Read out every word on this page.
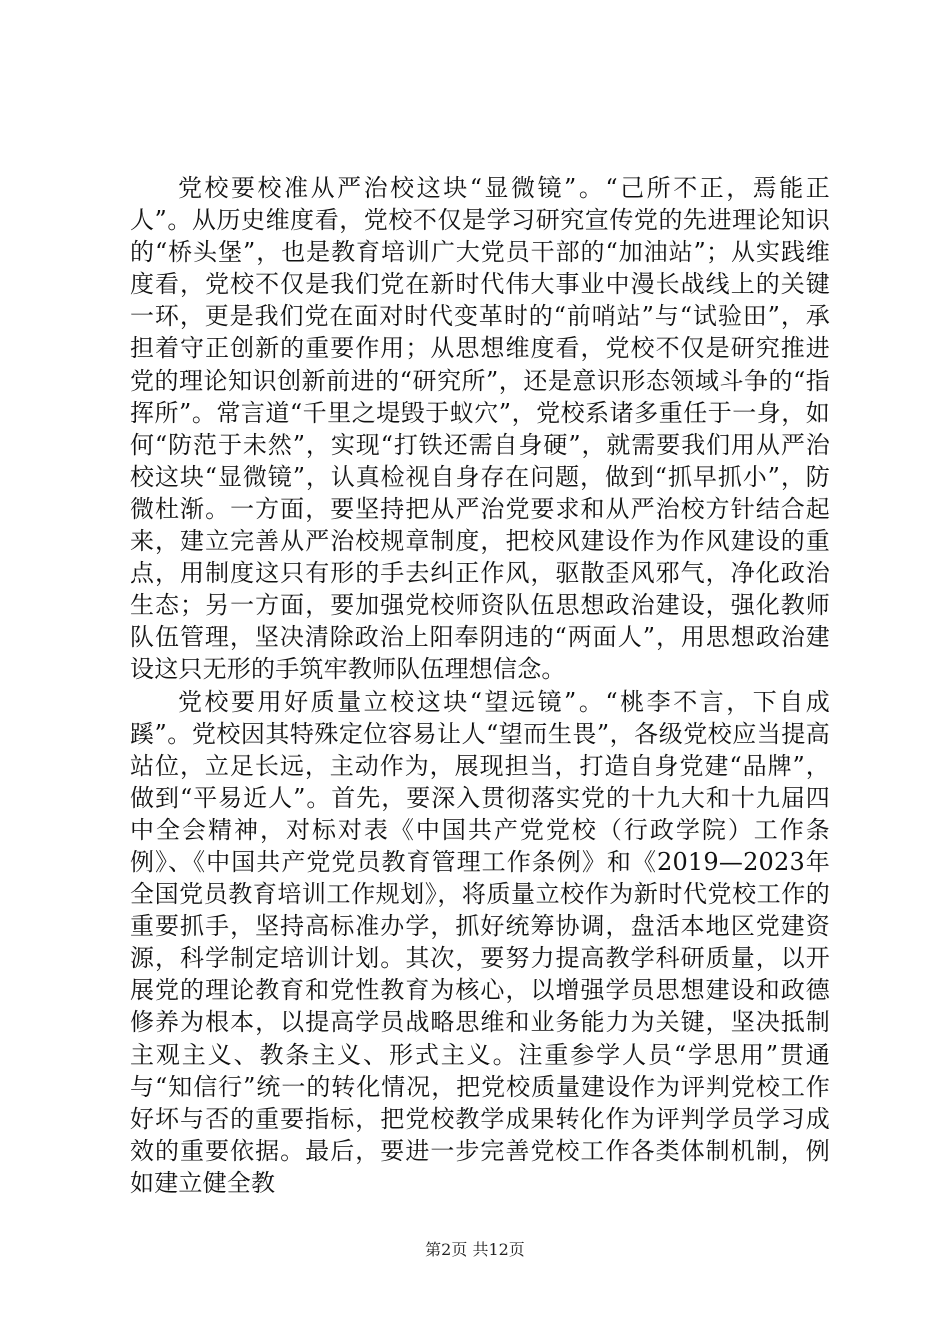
党校要校准从严治校这块“显微镜”。“己所不正，焉能正人”。从历史维度看，党校不仅是学习研究宣传党的先进理论知识的“桥头堡”，也是教育培训广大党员干部的“加油站”；从实践维度看，党校不仅是我们党在新时代伟大事业中漫长战线上的关键一环，更是我们党在面对时代变革时的“前哨站”与“试验田”，承担着守正创新的重要作用；从思想维度看，党校不仅是研究推进党的理论知识创新前进的“研究所”，还是意识形态领域斗争的“指挥所”。常言道“千里之堤毁于蚁穴”，党校系诸多重任于一身，如何“防范于未然”，实现“打铁还需自身硬”，就需要我们用从严治校这块“显微镜”，认真检视自身存在问题，做到“抓早抓小”，防微杜渐。一方面，要坚持把从严治党要求和从严治校方针结合起来，建立完善从严治校规章制度，把校风建设作为作风建设的重点，用制度这只有形的手去纠正作风，驱散歪风邪气，净化政治生态；另一方面，要加强党校师资队伍思想政治建设，强化教师队伍管理，坚决清除政治上阳奉阴违的“两面人”，用思想政治建设这只无形的手筑牢教师队伍理想信念。

党校要用好质量立校这块“望远镜”。“桃李不言，下自成蹊”。党校因其特殊定位容易让人“望而生畏”，各级党校应当提高站位，立足长远，主动作为，展现担当，打造自身党建“品牌”，做到“平易近人”。首先，要深入贯彻落实党的十九大和十九届四中全会精神，对标对表《中国共产党党校（行政学院）工作条例》、《中国共产党党员教育管理工作条例》和《2019—2023年全国党员教育培训工作规划》，将质量立校作为新时代党校工作的重要抓手，坚持高标准办学，抓好统筹协调，盘活本地区党建资源，科学制定培训计划。其次，要努力提高教学科研质量，以开展党的理论教育和党性教育为核心，以增强学员思想建设和政德修养为根本，以提高学员战略思维和业务能力为关键，坚决抵制主观主义、教条主义、形式主义。注重参学人员“学思用”贯通与“知信行”统一的转化情况，把党校质量建设作为评判党校工作好坏与否的重要指标，把党校教学成果转化作为评判学员学习成效的重要依据。最后，要进一步完善党校工作各类体制机制，例如建立健全教

第2页 共12页
